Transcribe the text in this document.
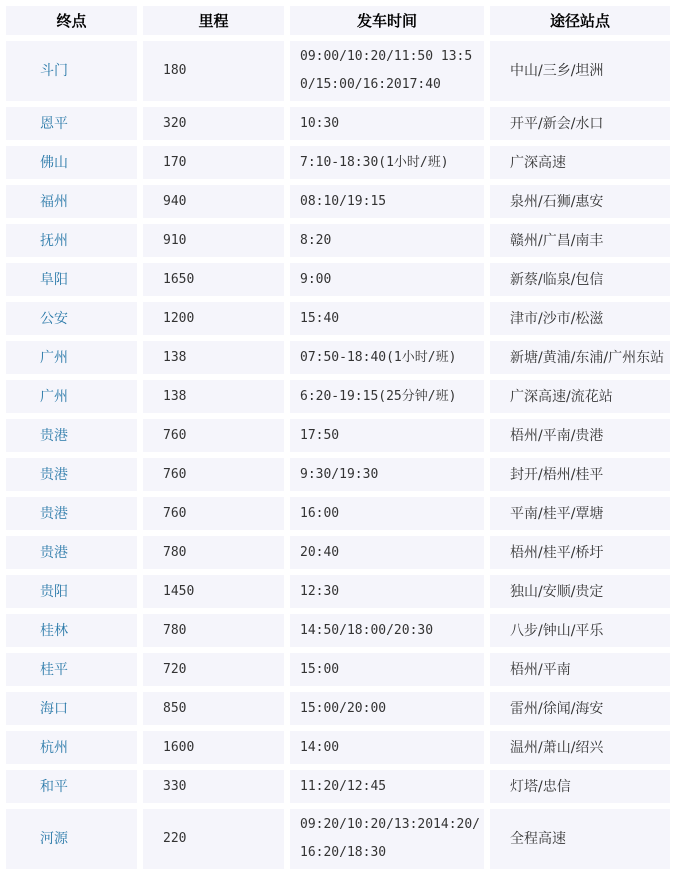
终点	里程	发车时间	途径站点
斗门	180	09:00/10:20/11:50 13:50/15:00/16:2017:40	中山/三乡/坦洲
恩平	320	10:30	开平/新会/水口
佛山	170	7:10-18:30(1小时/班)	广深高速
福州	940	08:10/19:15	泉州/石狮/惠安
抚州	910	8:20	赣州/广昌/南丰
阜阳	1650	9:00	新蔡/临泉/包信
公安	1200	15:40	津市/沙市/松滋
广州	138	07:50-18:40(1小时/班)	新塘/黄浦/东浦/广州东站
广州	138	6:20-19:15(25分钟/班)	广深高速/流花站
贵港	760	17:50	梧州/平南/贵港
贵港	760	9:30/19:30	封开/梧州/桂平
贵港	760	16:00	平南/桂平/覃塘
贵港	780	20:40	梧州/桂平/桥圩
贵阳	1450	12:30	独山/安顺/贵定
桂林	780	14:50/18:00/20:30	八步/钟山/平乐
桂平	720	15:00	梧州/平南
海口	850	15:00/20:00	雷州/徐闻/海安
杭州	1600	14:00	温州/萧山/绍兴
和平	330	11:20/12:45	灯塔/忠信
河源	220	09:20/10:20/13:2014:20/16:20/18:30	全程高速
